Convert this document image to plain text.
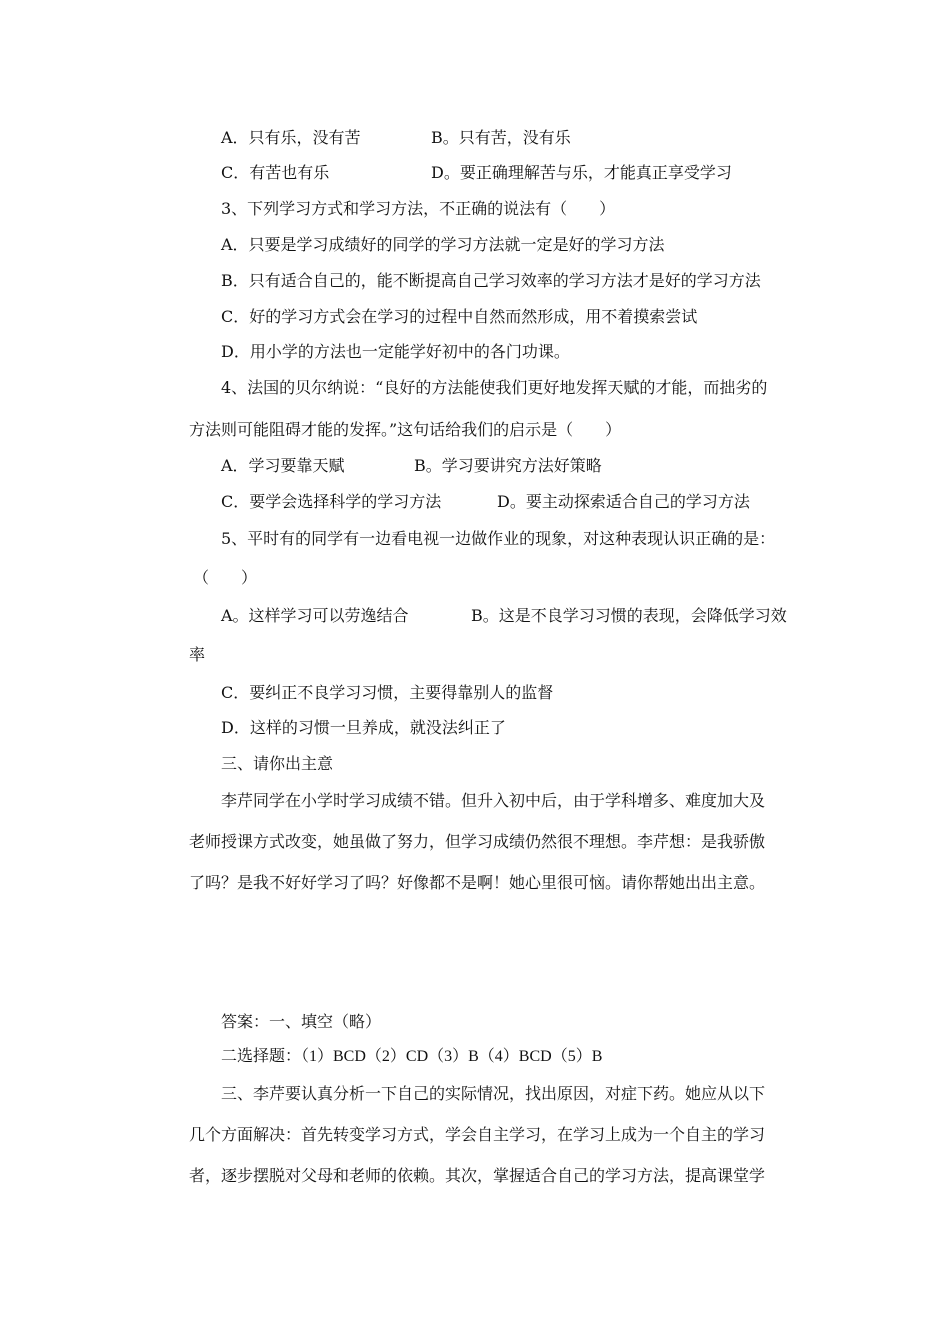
A．只有乐，没有苦	B。只有苦，没有乐
C．有苦也有乐	D。要正确理解苦与乐，才能真正享受学习
3、下列学习方式和学习方法，不正确的说法有（　　）
A．只要是学习成绩好的同学的学习方法就一定是好的学习方法
B．只有适合自己的，能不断提高自己学习效率的学习方法才是好的学习方法
C．好的学习方式会在学习的过程中自然而然形成，用不着摸索尝试
D．用小学的方法也一定能学好初中的各门功课。
4、法国的贝尔纳说：“良好的方法能使我们更好地发挥天赋的才能，而拙劣的
方法则可能阻碍才能的发挥。”这句话给我们的启示是（　　）
A．学习要靠天赋	B。学习要讲究方法好策略
C．要学会选择科学的学习方法	D。要主动探索适合自己的学习方法
5、平时有的同学有一边看电视一边做作业的现象，对这种表现认识正确的是：
（　　）
A。这样学习可以劳逸结合	B。这是不良学习习惯的表现，会降低学习效
率
C．要纠正不良学习习惯，主要得靠别人的监督
D．这样的习惯一旦养成，就没法纠正了
三、请你出主意
李芹同学在小学时学习成绩不错。但升入初中后，由于学科增多、难度加大及
老师授课方式改变，她虽做了努力，但学习成绩仍然很不理想。李芹想：是我骄傲
了吗？是我不好好学习了吗？好像都不是啊！她心里很可恼。请你帮她出出主意。
答案：一、填空（略）
二选择题：（1）BCD（2）CD（3）B（4）BCD（5）B
三、李芹要认真分析一下自己的实际情况，找出原因，对症下药。她应从以下
几个方面解决：首先转变学习方式，学会自主学习，在学习上成为一个自主的学习
者，逐步摆脱对父母和老师的依赖。其次，掌握适合自己的学习方法，提高课堂学
